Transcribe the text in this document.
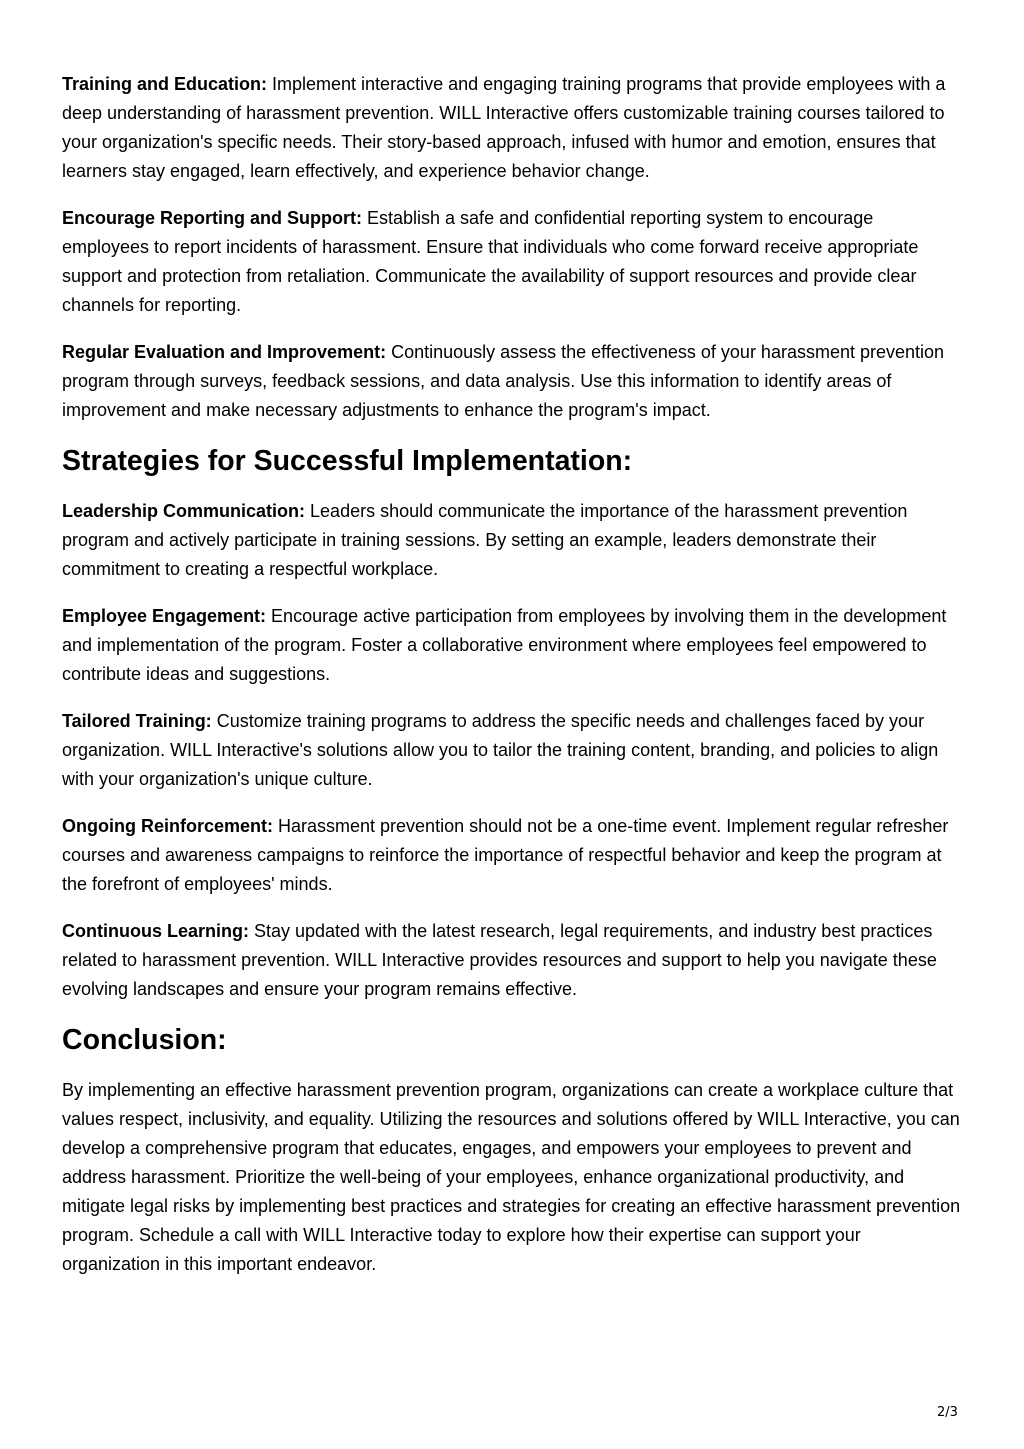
Training and Education: Implement interactive and engaging training programs that provide employees with a deep understanding of harassment prevention. WILL Interactive offers customizable training courses tailored to your organization's specific needs. Their story-based approach, infused with humor and emotion, ensures that learners stay engaged, learn effectively, and experience behavior change.

Encourage Reporting and Support: Establish a safe and confidential reporting system to encourage employees to report incidents of harassment. Ensure that individuals who come forward receive appropriate support and protection from retaliation. Communicate the availability of support resources and provide clear channels for reporting.

Regular Evaluation and Improvement: Continuously assess the effectiveness of your harassment prevention program through surveys, feedback sessions, and data analysis. Use this information to identify areas of improvement and make necessary adjustments to enhance the program's impact.

Strategies for Successful Implementation:

Leadership Communication: Leaders should communicate the importance of the harassment prevention program and actively participate in training sessions. By setting an example, leaders demonstrate their commitment to creating a respectful workplace.

Employee Engagement: Encourage active participation from employees by involving them in the development and implementation of the program. Foster a collaborative environment where employees feel empowered to contribute ideas and suggestions.

Tailored Training: Customize training programs to address the specific needs and challenges faced by your organization. WILL Interactive's solutions allow you to tailor the training content, branding, and policies to align with your organization's unique culture.

Ongoing Reinforcement: Harassment prevention should not be a one-time event. Implement regular refresher courses and awareness campaigns to reinforce the importance of respectful behavior and keep the program at the forefront of employees' minds.

Continuous Learning: Stay updated with the latest research, legal requirements, and industry best practices related to harassment prevention. WILL Interactive provides resources and support to help you navigate these evolving landscapes and ensure your program remains effective.

Conclusion:

By implementing an effective harassment prevention program, organizations can create a workplace culture that values respect, inclusivity, and equality. Utilizing the resources and solutions offered by WILL Interactive, you can develop a comprehensive program that educates, engages, and empowers your employees to prevent and address harassment. Prioritize the well-being of your employees, enhance organizational productivity, and mitigate legal risks by implementing best practices and strategies for creating an effective harassment prevention program. Schedule a call with WILL Interactive today to explore how their expertise can support your organization in this important endeavor.

2/3
